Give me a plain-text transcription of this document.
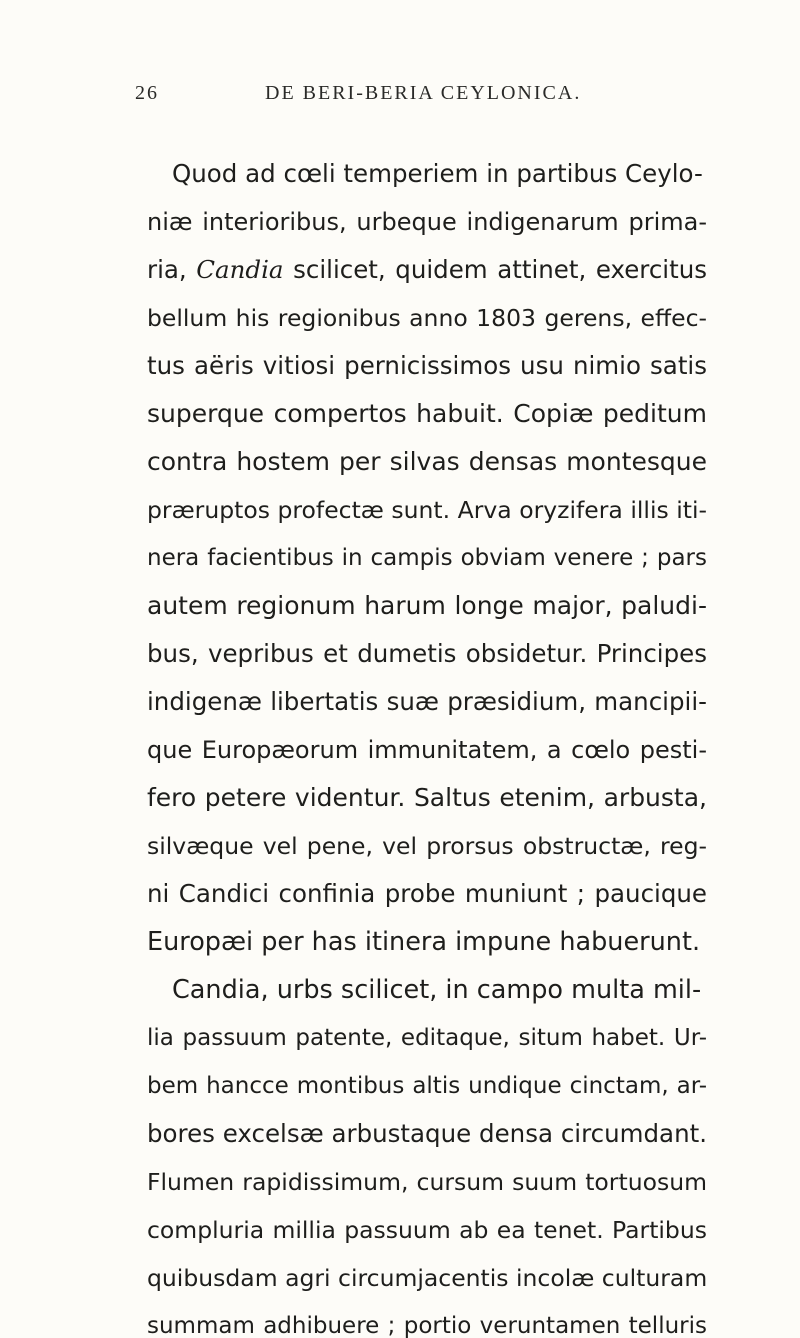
26	DE BERI-BERIA CEYLONICA.
Quod ad cœli temperiem in partibus Ceylo-
niæ interioribus, urbeque indigenarum prima-
ria, Candia scilicet, quidem attinet, exercitus
bellum his regionibus anno 1803 gerens, effec-
tus aëris vitiosi pernicissimos usu nimio satis
superque compertos habuit. Copiæ peditum
contra hostem per silvas densas montesque
præruptos profectæ sunt. Arva oryzifera illis iti-
nera facientibus in campis obviam venere ; pars
autem regionum harum longe major, paludi-
bus, vepribus et dumetis obsidetur. Principes
indigenæ libertatis suæ præsidium, mancipii-
que Europæorum immunitatem, a cœlo pesti-
fero petere videntur. Saltus etenim, arbusta,
silvæque vel pene, vel prorsus obstructæ, reg-
ni Candici confinia probe muniunt ; paucique
Europæi per has itinera impune habuerunt.
Candia, urbs scilicet, in campo multa mil-
lia passuum patente, editaque, situm habet. Ur-
bem hancce montibus altis undique cinctam, ar-
bores excelsæ arbustaque densa circumdant.
Flumen rapidissimum, cursum suum tortuosum
compluria millia passuum ab ea tenet. Partibus
quibusdam agri circumjacentis incolæ culturam
summam adhibuere ; portio veruntamen telluris
